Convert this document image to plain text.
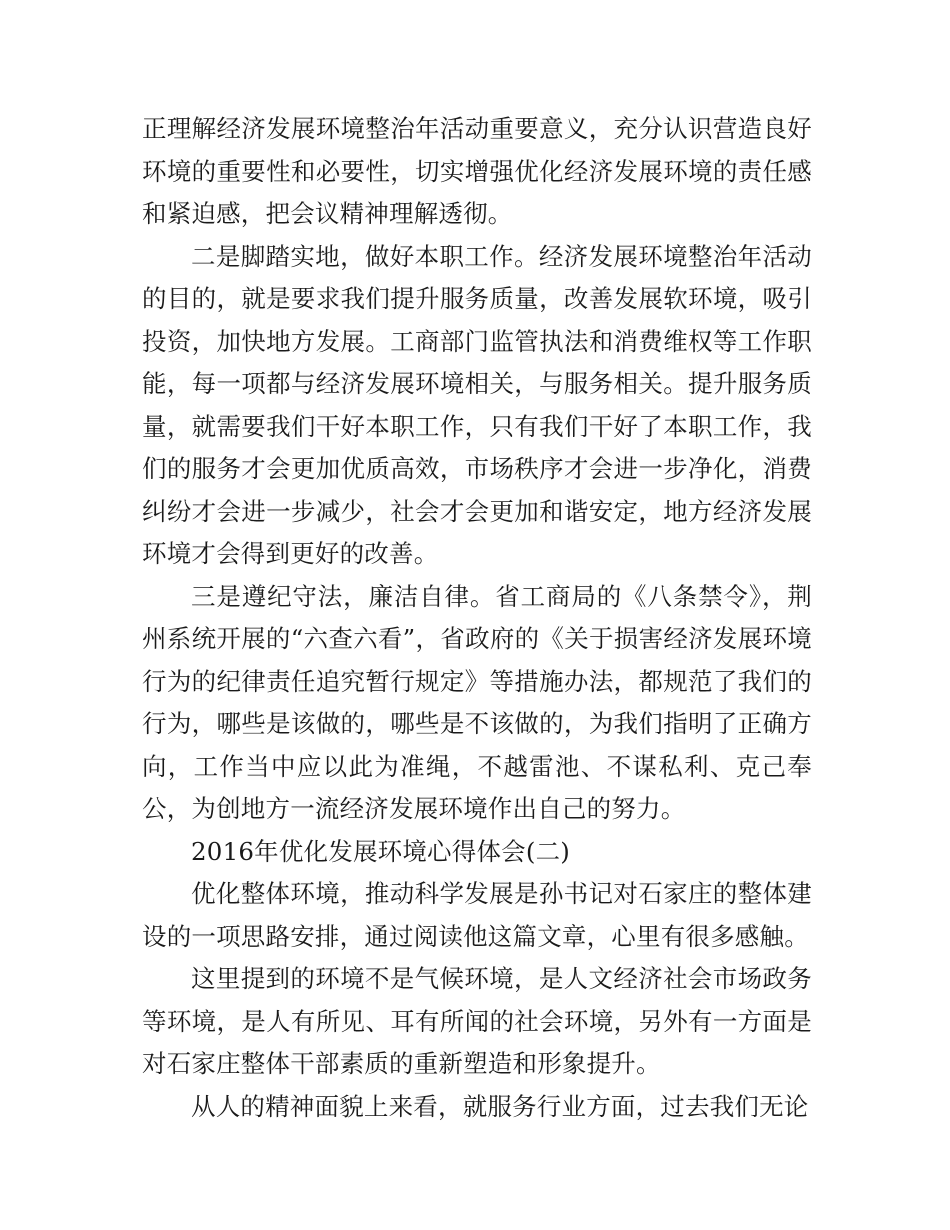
正理解经济发展环境整治年活动重要意义，充分认识营造良好环境的重要性和必要性，切实增强优化经济发展环境的责任感和紧迫感，把会议精神理解透彻。

二是脚踏实地，做好本职工作。经济发展环境整治年活动的目的，就是要求我们提升服务质量，改善发展软环境，吸引投资，加快地方发展。工商部门监管执法和消费维权等工作职能，每一项都与经济发展环境相关，与服务相关。提升服务质量，就需要我们干好本职工作，只有我们干好了本职工作，我们的服务才会更加优质高效，市场秩序才会进一步净化，消费纠纷才会进一步减少，社会才会更加和谐安定，地方经济发展环境才会得到更好的改善。

三是遵纪守法，廉洁自律。省工商局的《八条禁令》，荆州系统开展的“六查六看”，省政府的《关于损害经济发展环境行为的纪律责任追究暂行规定》等措施办法，都规范了我们的行为，哪些是该做的，哪些是不该做的，为我们指明了正确方向，工作当中应以此为准绳，不越雷池、不谋私利、克己奉公，为创地方一流经济发展环境作出自己的努力。

2016年优化发展环境心得体会(二)

优化整体环境，推动科学发展是孙书记对石家庄的整体建设的一项思路安排，通过阅读他这篇文章，心里有很多感触。

这里提到的环境不是气候环境，是人文经济社会市场政务等环境，是人有所见、耳有所闻的社会环境，另外有一方面是对石家庄整体干部素质的重新塑造和形象提升。

从人的精神面貌上来看，就服务行业方面，过去我们无论
